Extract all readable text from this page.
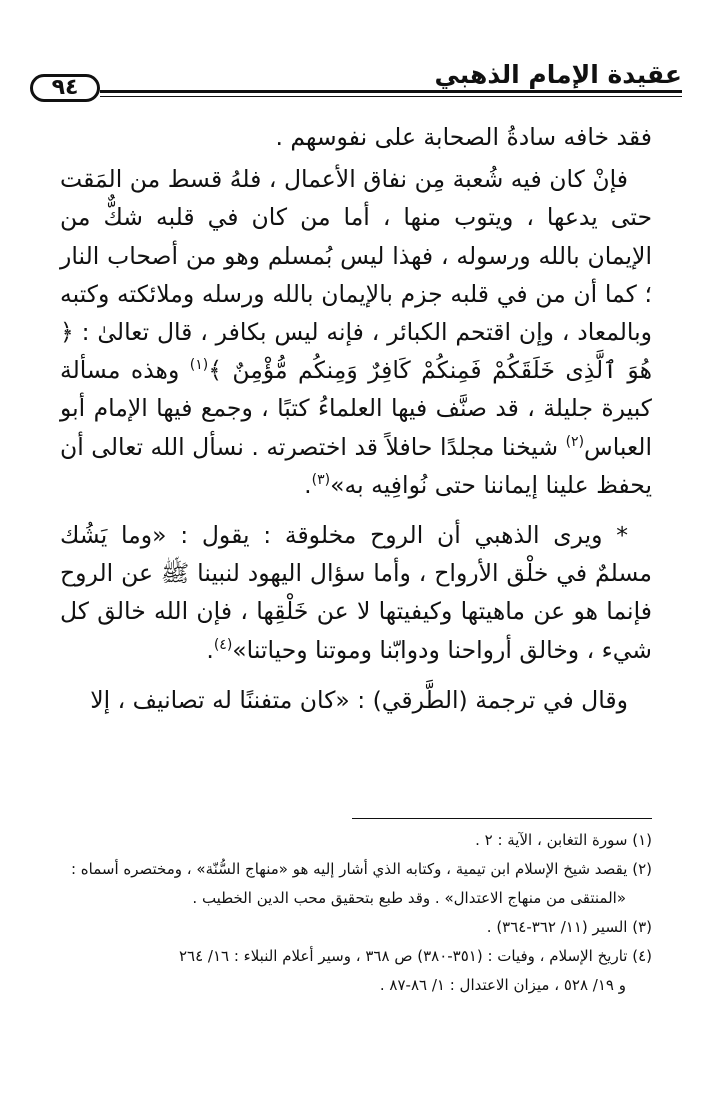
عقيدة الإمام الذهبي
٩٤

فقد خافه سادةُ الصحابة على نفوسهم .

فإنْ كان فيه شُعبة مِن نفاق الأعمال ، فلهُ قسط من المَقت حتى يدعها ، ويتوب منها ، أما من كان في قلبه شكٌّ من الإيمان بالله ورسوله ، فهذا ليس بُمسلم وهو من أصحاب النار ؛ كما أن من في قلبه جزم بالإيمان بالله ورسله وملائكته وكتبه وبالمعاد ، وإن اقتحم الكبائر ، فإنه ليس بكافر ، قال تعالىٰ : ﴿ هُوَ ٱلَّذِى خَلَقَكُمْ فَمِنكُمْ كَافِرٌ وَمِنكُم مُّؤْمِنٌ ﴾$^{(١)}$ وهذه مسألة كبيرة جليلة ، قد صنَّف فيها العلماءُ كتبًا ، وجمع فيها الإمام أبو العباس$^{(٢)}$ شيخنا مجلدًا حافلاً قد اختصرته . نسأل الله تعالى أن يحفظ علينا إيماننا حتى نُوافِيه به»$^{(٣)}$.

* ويرى الذهبي أن الروح مخلوقة : يقول : «وما يَشُك مسلمٌ في خلْق الأرواح ، وأما سؤال اليهود لنبينا ﷺ عن الروح فإنما هو عن ماهيتها وكيفيتها لا عن خَلْقِها ، فإن الله خالق كل شيء ، وخالق أرواحنا ودوابّنا وموتنا وحياتنا»$^{(٤)}$.

وقال في ترجمة (الطَّرقي) : «كان متفننًا له تصانيف ، إلا

(١) سورة التغابن ، الآية : ٢ .

(٢) يقصد شيخ الإسلام ابن تيمية ، وكتابه الذي أشار إليه هو «منهاج السُّنّة» ، ومختصره أسماه :

«المنتقى من منهاج الاعتدال» . وقد طبع بتحقيق محب الدين الخطيب .

(٣) السير (١١/ ٣٦٢-٣٦٤) .

(٤) تاريخ الإسلام ، وفيات : (٣٥١-٣٨٠) ص ٣٦٨ ، وسير أعلام النبلاء : ١٦/ ٢٦٤

و ١٩/ ٥٢٨ ، ميزان الاعتدال : ١/ ٨٦-٨٧ .
